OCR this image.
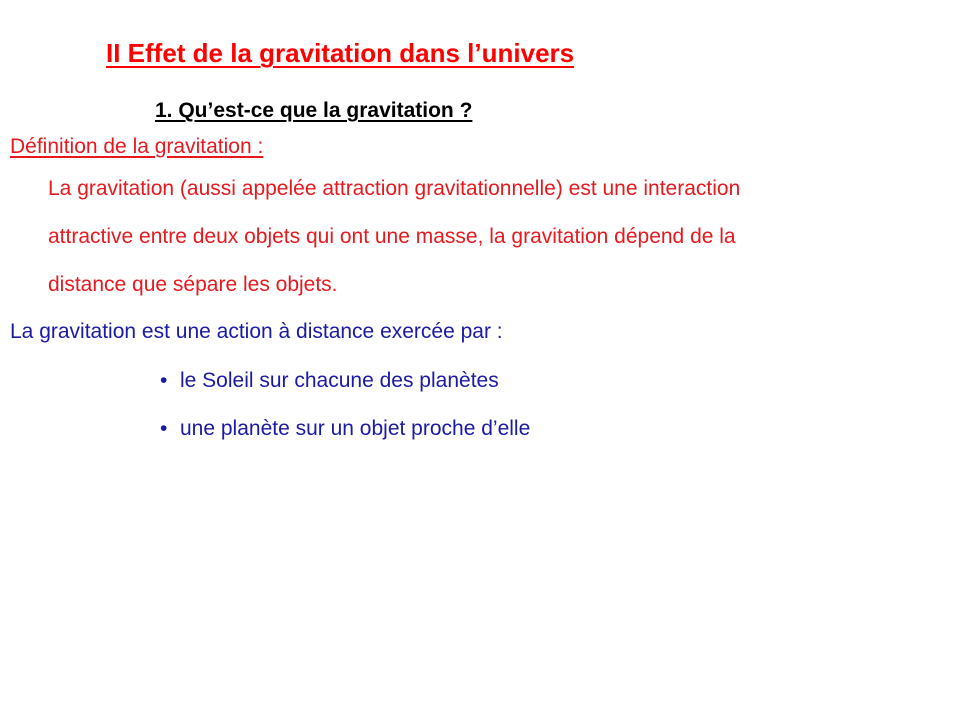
II Effet de la gravitation dans l’univers
1. Qu’est-ce que la gravitation ?
Définition de la gravitation :
La gravitation (aussi appelée attraction gravitationnelle) est une interaction
attractive entre deux objets qui ont une masse, la gravitation dépend de la
distance que sépare les objets.
La gravitation est une action à distance exercée par :
• le Soleil sur chacune des planètes
• une planète sur un objet proche d’elle
